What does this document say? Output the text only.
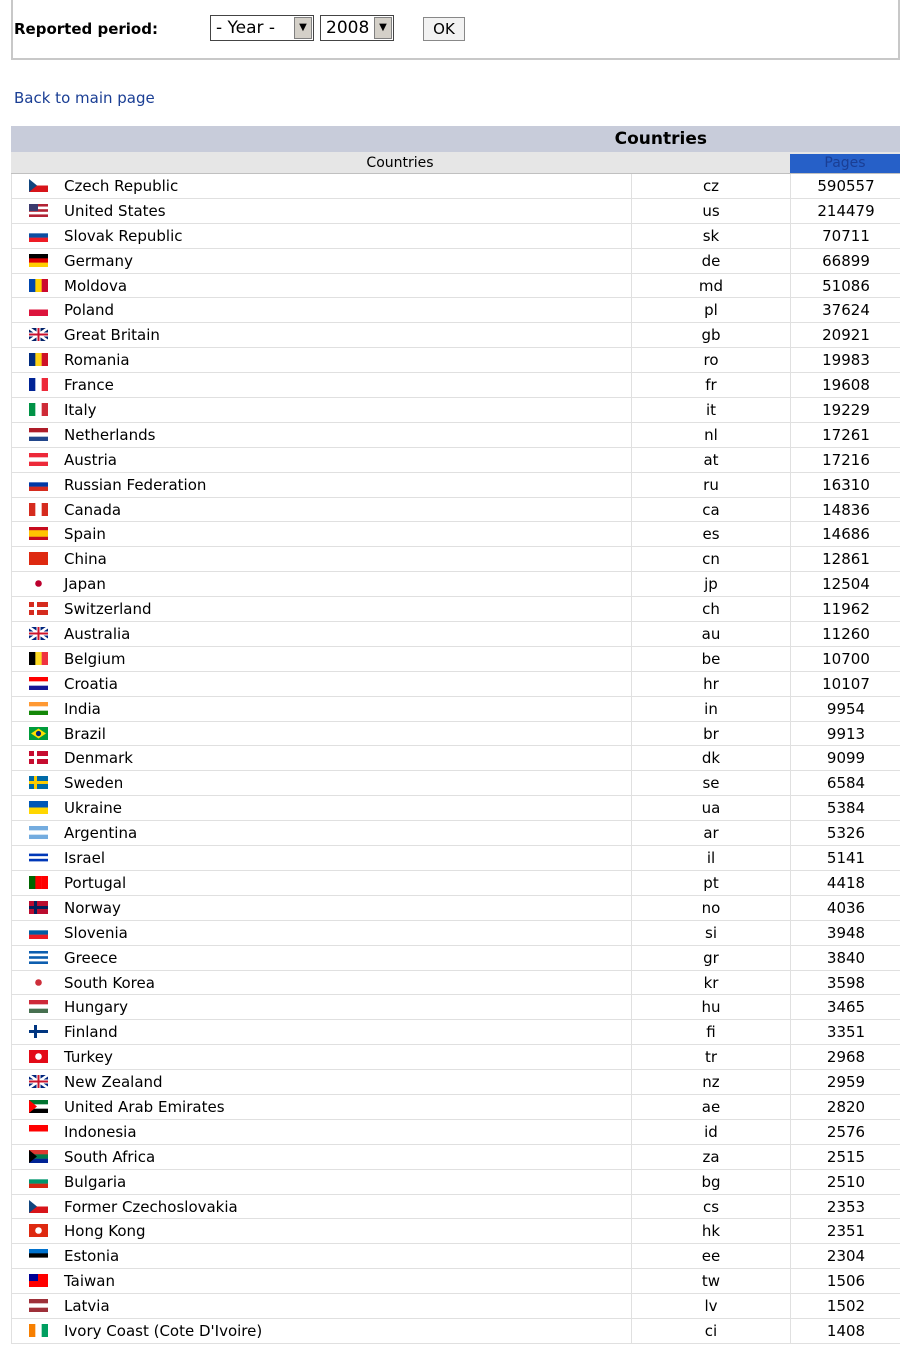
Reported period:	- Year -	▼	2008 ▼	OK
Back to main page
Countries
Countries	Pages
Czech Republic	cz	590557
United States	us	214479
Slovak Republic	sk	70711
Germany	de	66899
Moldova	md	51086
Poland	pl	37624
Great Britain	gb	20921
Romania	ro	19983
France	fr	19608
Italy	it	19229
Netherlands	nl	17261
Austria	at	17216
Russian Federation	ru	16310
Canada	ca	14836
Spain	es	14686
China	cn	12861
Japan	jp	12504
Switzerland	ch	11962
Australia	au	11260
Belgium	be	10700
Croatia	hr	10107
India	in	9954
Brazil	br	9913
Denmark	dk	9099
Sweden	se	6584
Ukraine	ua	5384
Argentina	ar	5326
Israel	il	5141
Portugal	pt	4418
Norway	no	4036
Slovenia	si	3948
Greece	gr	3840
South Korea	kr	3598
Hungary	hu	3465
Finland	fi	3351
Turkey	tr	2968
New Zealand	nz	2959
United Arab Emirates	ae	2820
Indonesia	id	2576
South Africa	za	2515
Bulgaria	bg	2510
Former Czechoslovakia	cs	2353
Hong Kong	hk	2351
Estonia	ee	2304
Taiwan	tw	1506
Latvia	lv	1502
Ivory Coast (Cote D'Ivoire)	ci	1408
